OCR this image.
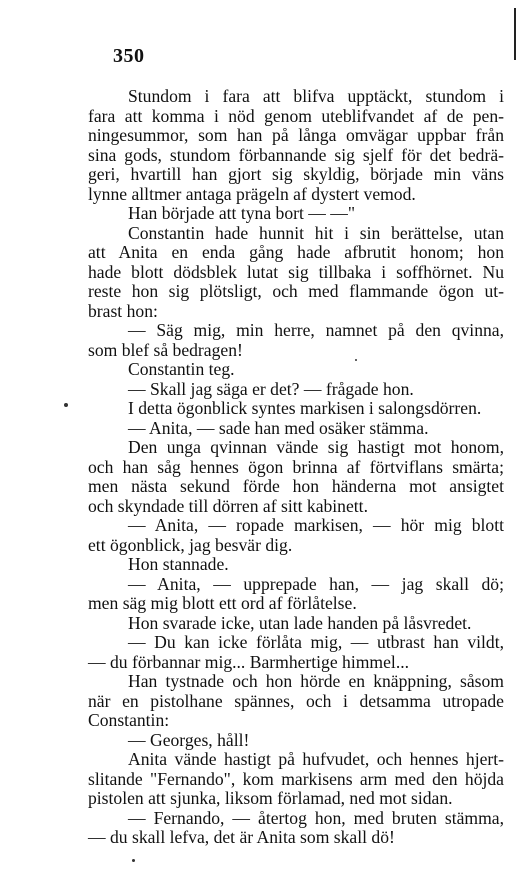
350
Stundom i fara att blifva upptäckt, stundom i
fara att komma i nöd genom uteblifvandet af de pen-
ningesummor, som han på långa omvägar uppbar från
sina gods, stundom förbannande sig sjelf för det bedrä-
geri, hvartill han gjort sig skyldig, började min väns
lynne alltmer antaga prägeln af dystert vemod.
Han började att tyna bort — —"
Constantin hade hunnit hit i sin berättelse, utan
att Anita en enda gång hade afbrutit honom; hon
hade blott dödsblek lutat sig tillbaka i soffhörnet. Nu
reste hon sig plötsligt, och med flammande ögon ut-
brast hon:
— Säg mig, min herre, namnet på den qvinna,
som blef så bedragen!
Constantin teg.
— Skall jag säga er det? — frågade hon.
I detta ögonblick syntes markisen i salongsdörren.
— Anita, — sade han med osäker stämma.
Den unga qvinnan vände sig hastigt mot honom,
och han såg hennes ögon brinna af förtviflans smärta;
men nästa sekund förde hon händerna mot ansigtet
och skyndade till dörren af sitt kabinett.
— Anita, — ropade markisen, — hör mig blott
ett ögonblick, jag besvär dig.
Hon stannade.
— Anita, — upprepade han, — jag skall dö;
men säg mig blott ett ord af förlåtelse.
Hon svarade icke, utan lade handen på låsvredet.
— Du kan icke förlåta mig, — utbrast han vildt,
— du förbannar mig... Barmhertige himmel...
Han tystnade och hon hörde en knäppning, såsom
när en pistolhane spännes, och i detsamma utropade
Constantin:
— Georges, håll!
Anita vände hastigt på hufvudet, och hennes hjert-
slitande "Fernando", kom markisens arm med den höjda
pistolen att sjunka, liksom förlamad, ned mot sidan.
— Fernando, — återtog hon, med bruten stämma,
— du skall lefva, det är Anita som skall dö!
